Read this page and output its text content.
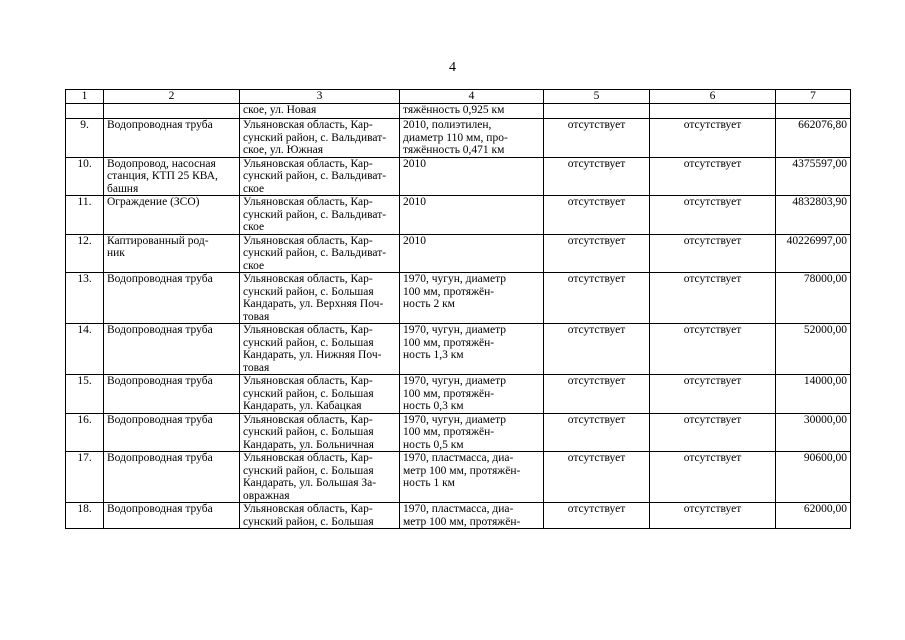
4
1	2	3	4	5	6	7
		ское, ул. Новая	тяжённость 0,925 км			
9.	Водопроводная труба	Ульяновская область, Кар-
сунский район, с. Вальдиват-
ское, ул. Южная	2010, полиэтилен,
диаметр 110 мм, про-
тяжённость 0,471 км	отсутствует	отсутствует	662076,80
10.	Водопровод, насосная
станция, КТП 25 КВА,
башня	Ульяновская область, Кар-
сунский район, с. Вальдиват-
ское	2010	отсутствует	отсутствует	4375597,00
11.	Ограждение (ЗСО)	Ульяновская область, Кар-
сунский район, с. Вальдиват-
ское	2010	отсутствует	отсутствует	4832803,90
12.	Каптированный род-
ник	Ульяновская область, Кар-
сунский район, с. Вальдиват-
ское	2010	отсутствует	отсутствует	40226997,00
13.	Водопроводная труба	Ульяновская область, Кар-
сунский район, с. Большая
Кандарать, ул. Верхняя Поч-
товая	1970, чугун, диаметр
100 мм, протяжён-
ность 2 км	отсутствует	отсутствует	78000,00
14.	Водопроводная труба	Ульяновская область, Кар-
сунский район, с. Большая
Кандарать, ул. Нижняя Поч-
товая	1970, чугун, диаметр
100 мм, протяжён-
ность 1,3 км	отсутствует	отсутствует	52000,00
15.	Водопроводная труба	Ульяновская область, Кар-
сунский район, с. Большая
Кандарать, ул. Кабацкая	1970, чугун, диаметр
100 мм, протяжён-
ность 0,3 км	отсутствует	отсутствует	14000,00
16.	Водопроводная труба	Ульяновская область, Кар-
сунский район, с. Большая
Кандарать, ул. Больничная	1970, чугун, диаметр
100 мм, протяжён-
ность 0,5 км	отсутствует	отсутствует	30000,00
17.	Водопроводная труба	Ульяновская область, Кар-
сунский район, с. Большая
Кандарать, ул. Большая За-
овражная	1970, пластмасса, диа-
метр 100 мм, протяжён-
ность 1 км	отсутствует	отсутствует	90600,00
18.	Водопроводная труба	Ульяновская область, Кар-
сунский район, с. Большая	1970, пластмасса, диа-
метр 100 мм, протяжён-	отсутствует	отсутствует	62000,00
